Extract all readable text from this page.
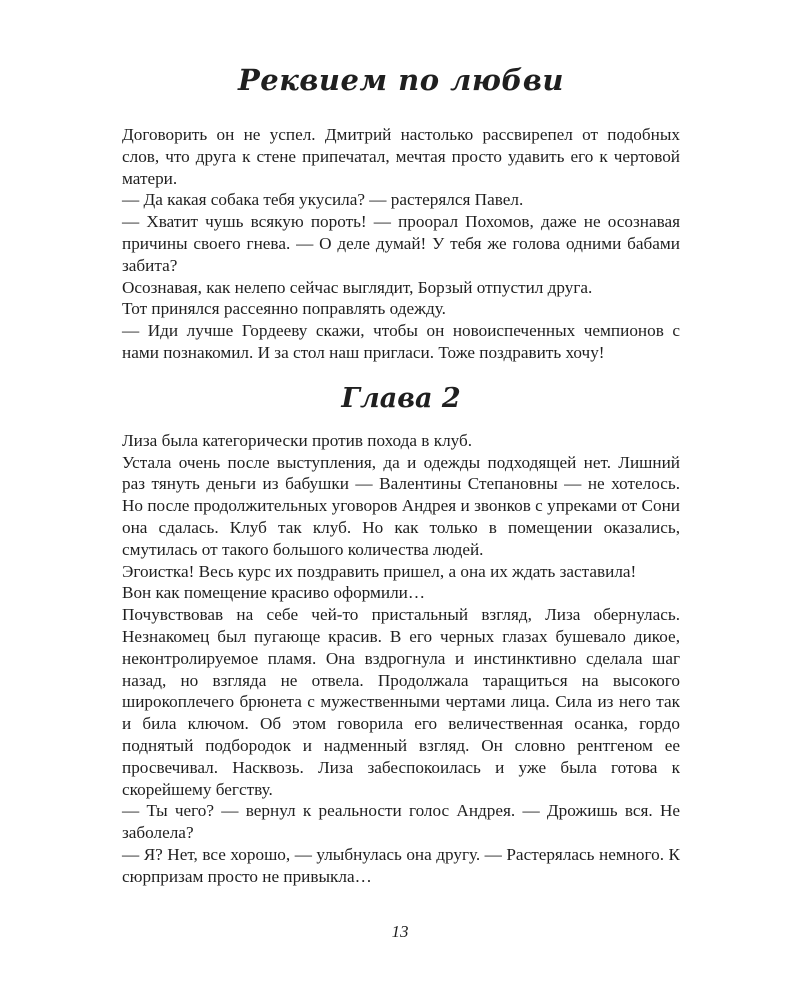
Реквием по любви

Договорить он не успел. Дмитрий настолько рассвирепел от подобных слов, что друга к стене припечатал, мечтая просто удавить его к чертовой матери.

— Да какая собака тебя укусила? — растерялся Павел.

— Хватит чушь всякую пороть! — проорал Похомов, даже не осознавая причины своего гнева. — О деле думай! У тебя же голова одними бабами забита?

Осознавая, как нелепо сейчас выглядит, Борзый отпустил друга.

Тот принялся рассеянно поправлять одежду.

— Иди лучше Гордееву скажи, чтобы он новоиспеченных чемпионов с нами познакомил. И за стол наш пригласи. Тоже поздравить хочу!

Глава 2

Лиза была категорически против похода в клуб.

Устала очень после выступления, да и одежды подходящей нет. Лишний раз тянуть деньги из бабушки — Валентины Степановны — не хотелось. Но после продолжительных уговоров Андрея и звонков с упреками от Сони она сдалась. Клуб так клуб. Но как только в помещении оказались, смутилась от такого большого количества людей.

Эгоистка! Весь курс их поздравить пришел, а она их ждать заставила!

Вон как помещение красиво оформили…

Почувствовав на себе чей-то пристальный взгляд, Лиза обернулась. Незнакомец был пугающе красив. В его черных глазах бушевало дикое, неконтролируемое пламя. Она вздрогнула и инстинктивно сделала шаг назад, но взгляда не отвела. Продолжала таращиться на высокого широкоплечего брюнета с мужественными чертами лица. Сила из него так и била ключом. Об этом говорила его величественная осанка, гордо поднятый подбородок и надменный взгляд. Он словно рентгеном ее просвечивал. Насквозь. Лиза забеспокоилась и уже была готова к скорейшему бегству.

— Ты чего? — вернул к реальности голос Андрея. — Дрожишь вся. Не заболела?

— Я? Нет, все хорошо, — улыбнулась она другу. — Растерялась немного. К сюрпризам просто не привыкла…

13
